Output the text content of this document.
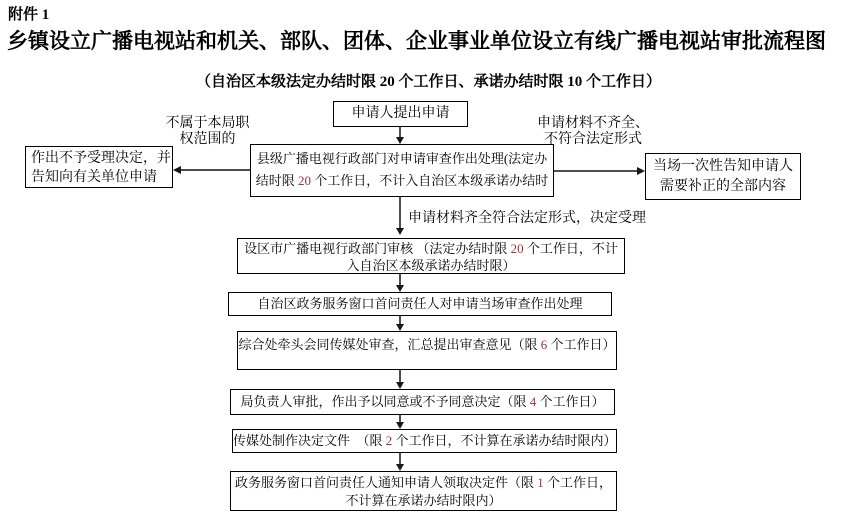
附件 1
乡镇设立广播电视站和机关、部队、团体、企业事业单位设立有线广播电视站审批流程图
（自治区本级法定办结时限 20 个工作日、承诺办结时限 10 个工作日）
申请人提出申请
县级广播电视行政部门对申请审查作出处理(法定办
结时限 20 个工作日，不计入自治区本级承诺办结时
不属于本局职
权范围的
作出不予受理决定，并
告知向有关单位申请
申请材料不齐全、
不符合法定形式
当场一次性告知申请人
需要补正的全部内容
申请材料齐全符合法定形式，决定受理
设区市广播电视行政部门审核 （法定办结时限 20 个工作日，不计
入自治区本级承诺办结时限）
自治区政务服务窗口首问责任人对申请当场审查作出处理
综合处牵头会同传媒处审查，汇总提出审查意见（限 6 个工作日）
局负责人审批，作出予以同意或不予同意决定（限 4 个工作日）
传媒处制作决定文件　（限 2 个工作日，不计算在承诺办结时限内）
政务服务窗口首问责任人通知申请人领取决定件（限 1 个工作日，
不计算在承诺办结时限内）
